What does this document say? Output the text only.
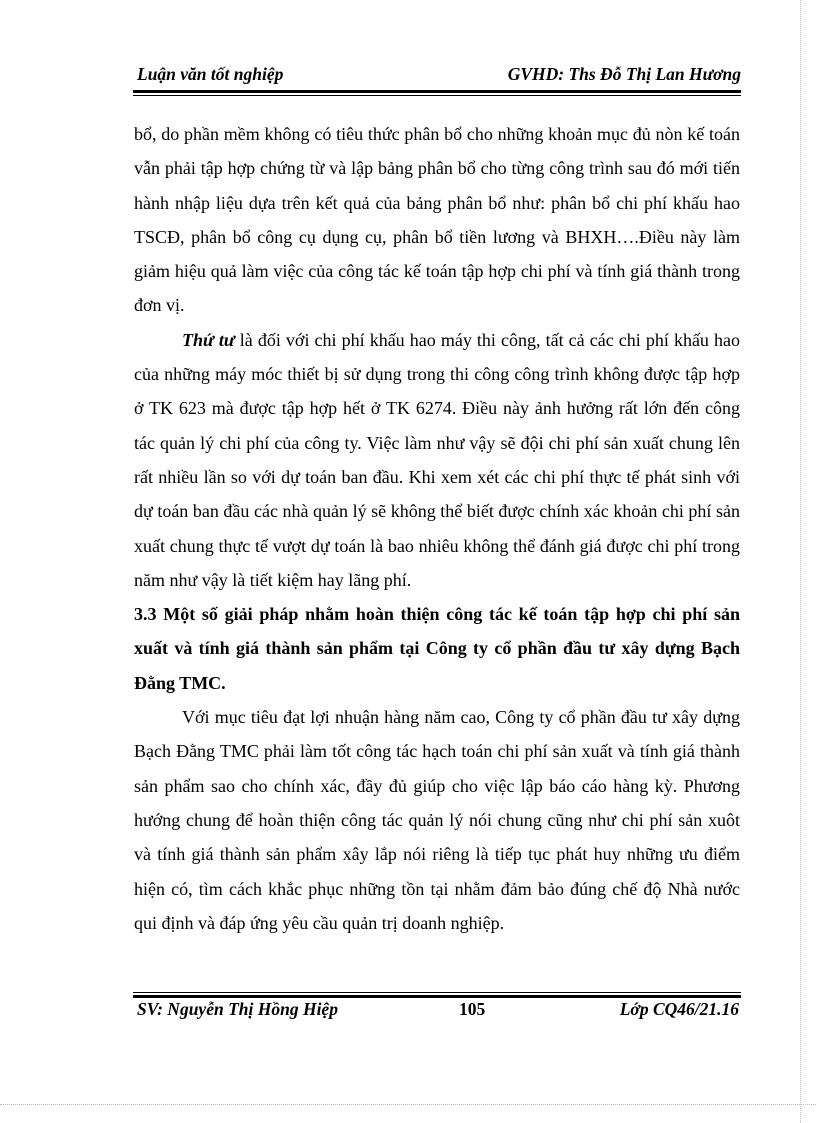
Luận văn tốt nghiệp	GVHD: Ths Đỗ Thị Lan Hương

bổ, do phần mềm không có tiêu thức phân bổ cho những khoản mục đủ nòn kế toán vẫn phải tập hợp chứng từ và lập bảng phân bổ cho từng công trình sau đó mới tiến hành nhập liệu dựa trên kết quả của bảng phân bổ như: phân bổ chi phí khấu hao TSCĐ, phân bổ công cụ dụng cụ, phân bổ tiền lương và BHXH….Điều này làm giảm hiệu quả làm việc của công tác kế toán tập hợp chi phí và tính giá thành trong đơn vị.

Thứ tư là đối với chi phí khấu hao máy thi công, tất cả các chi phí khấu hao của những máy móc thiết bị sử dụng trong thi công công trình không được tập hợp ở TK 623 mà được tập hợp hết ở TK 6274. Điều này ảnh hưởng rất lớn đến công tác quản lý chi phí của công ty. Việc làm như vậy sẽ đội chi phí sản xuất chung lên rất nhiều lần so với dự toán ban đầu. Khi xem xét các chi phí thực tế phát sinh với dự toán ban đầu các nhà quản lý sẽ không thể biết được chính xác khoản chi phí sản xuất chung thực tế vượt dự toán là bao nhiêu không thể đánh giá được chi phí trong năm như vậy là tiết kiệm hay lãng phí.

3.3 Một số giải pháp nhằm hoàn thiện công tác kế toán tập hợp chi phí sản xuất và tính giá thành sản phẩm tại Công ty cổ phần đầu tư xây dựng Bạch Đằng TMC.

Với mục tiêu đạt lợi nhuận hàng năm cao, Công ty cổ phần đầu tư xây dựng Bạch Đằng TMC phải làm tốt công tác hạch toán chi phí sản xuất và tính giá thành sản phẩm sao cho chính xác, đầy đủ giúp cho việc lập báo cáo hàng kỳ. Phương hướng chung để hoàn thiện công tác quản lý nói chung cũng như chi phí sản xuôt và tính giá thành sản phẩm xây lắp nói riêng là tiếp tục phát huy những ưu điểm hiện có, tìm cách khắc phục những tồn tại nhằm đảm bảo đúng chế độ Nhà nước qui định và đáp ứng yêu cầu quản trị doanh nghiệp.

SV: Nguyễn Thị Hồng Hiệp	105	Lớp CQ46/21.16
